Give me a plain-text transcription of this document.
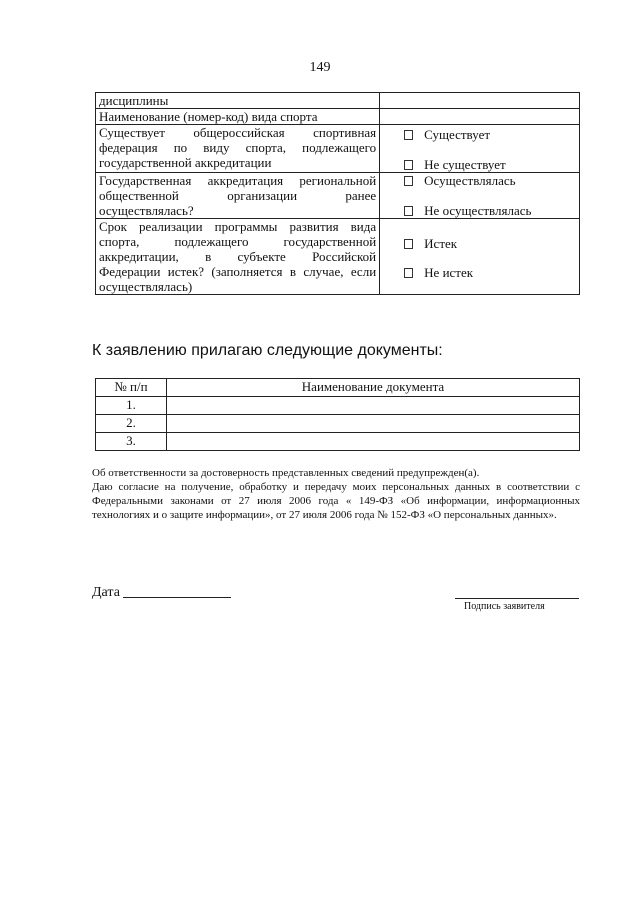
149
дисциплины	
Наименование (номер-код) вида спорта	

Существует общероссийская спортивная
федерация по виду спорта, подлежащего
государственной аккредитации	Существует
Не существует

Государственная аккредитация региональной
общественной организации ранее
осуществлялась?	Осуществлялась
Не осуществлялась

Срок реализации программы развития вида
спорта, подлежащего государственной
аккредитации, в субъекте Российской
Федерации истек? (заполняется в случае, если
осуществлялась)	Истек
Не истек
К заявлению прилагаю следующие документы:
№ п/п	Наименование документа
1.	
2.	
3.	

Об ответственности за достоверность представленных сведений предупрежден(а).

Даю согласие на получение, обработку и передачу моих персональных данных в соответствии с Федеральными законами от 27 июля 2006 года « 149-ФЗ «Об информации, информационных технологиях и о защите информации», от 27 июля 2006 года № 152-ФЗ «О персональных данных».

Дата
Подпись заявителя
